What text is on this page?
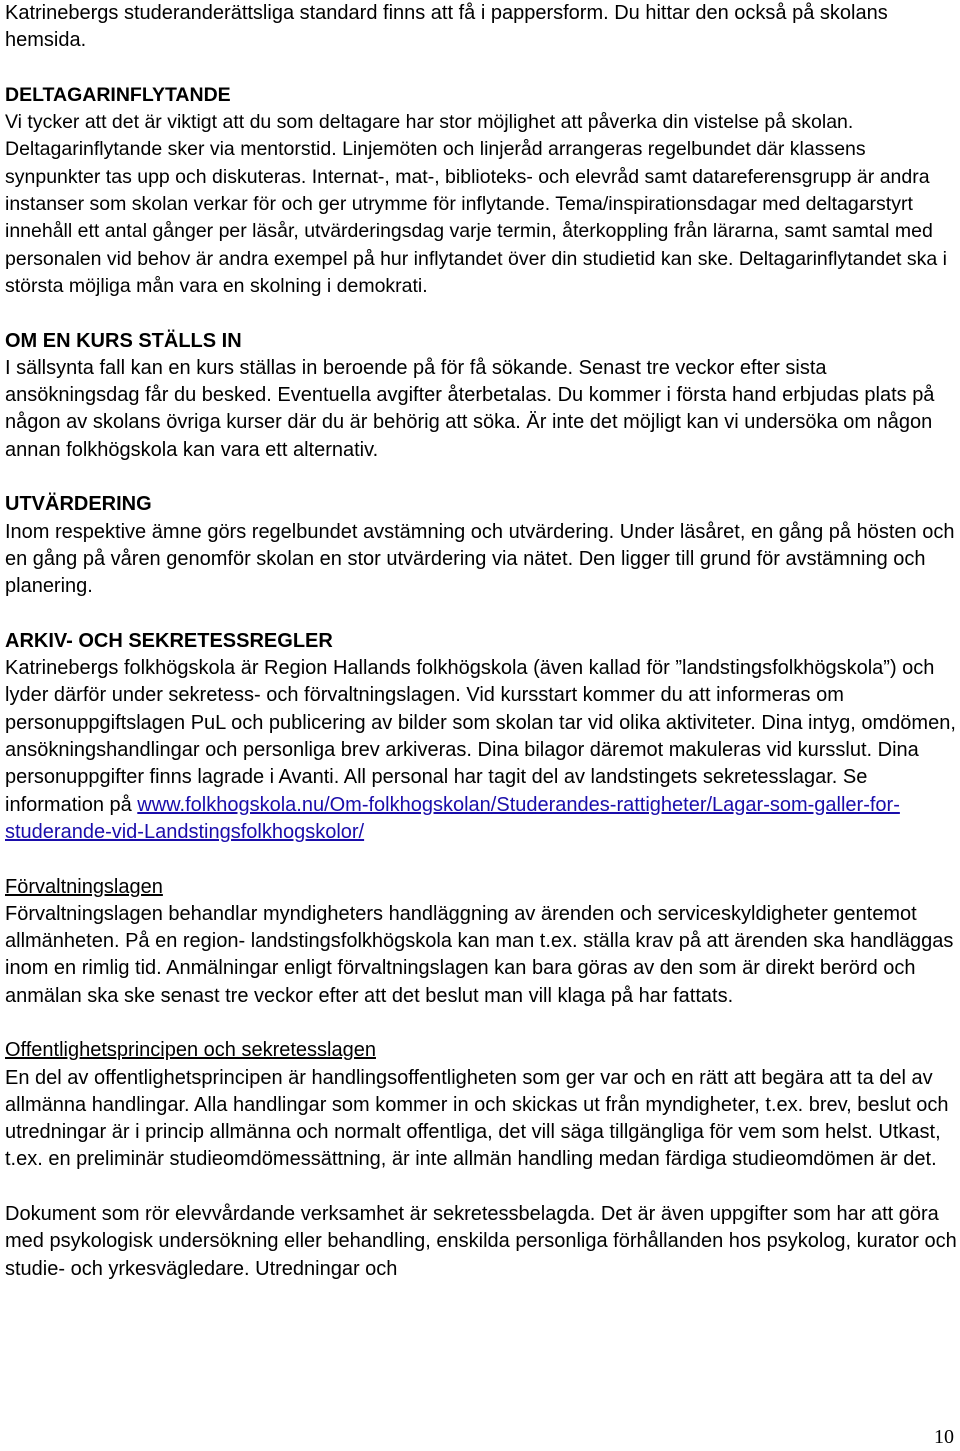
Katrinebergs studeranderättsliga standard finns att få i pappersform. Du hittar den också på skolans hemsida.

DELTAGARINFLYTANDE
Vi tycker att det är viktigt att du som deltagare har stor möjlighet att påverka din vistelse på skolan. Deltagarinflytande sker via mentorstid. Linjemöten och linjeråd arrangeras regelbundet där klassens synpunkter tas upp och diskuteras. Internat-, mat-, biblioteks- och elevråd samt datareferensgrupp är andra instanser som skolan verkar för och ger utrymme för inflytande. Tema/inspirationsdagar med deltagarstyrt innehåll ett antal gånger per läsår, utvärderingsdag varje termin, återkoppling från lärarna, samt samtal med personalen vid behov är andra exempel på hur inflytandet över din studietid kan ske. Deltagarinflytandet ska i största möjliga mån vara en skolning i demokrati.

OM EN KURS STÄLLS IN
I sällsynta fall kan en kurs ställas in beroende på för få sökande. Senast tre veckor efter sista ansökningsdag får du besked. Eventuella avgifter återbetalas. Du kommer i första hand erbjudas plats på någon av skolans övriga kurser där du är behörig att söka. Är inte det möjligt kan vi undersöka om någon annan folkhögskola kan vara ett alternativ.

UTVÄRDERING
Inom respektive ämne görs regelbundet avstämning och utvärdering. Under läsåret, en gång på hösten och en gång på våren genomför skolan en stor utvärdering via nätet. Den ligger till grund för avstämning och planering.

ARKIV- OCH SEKRETESSREGLER
Katrinebergs folkhögskola är Region Hallands folkhögskola (även kallad för ”landstingsfolkhögskola”) och lyder därför under sekretess- och förvaltningslagen. Vid kursstart kommer du att informeras om personuppgiftslagen PuL och publicering av bilder som skolan tar vid olika aktiviteter. Dina intyg, omdömen, ansökningshandlingar och personliga brev arkiveras. Dina bilagor däremot makuleras vid kursslut. Dina personuppgifter finns lagrade i Avanti. All personal har tagit del av landstingets sekretesslagar. Se information på www.folkhogskola.nu/Om-folkhogskolan/Studerandes-rattigheter/Lagar-som-galler-for-studerande-vid-Landstingsfolkhogskolor/

Förvaltningslagen
Förvaltningslagen behandlar myndigheters handläggning av ärenden och serviceskyldigheter gentemot allmänheten. På en region- landstingsfolkhögskola kan man t.ex. ställa krav på att ärenden ska handläggas inom en rimlig tid. Anmälningar enligt förvaltningslagen kan bara göras av den som är direkt berörd och anmälan ska ske senast tre veckor efter att det beslut man vill klaga på har fattats.

Offentlighetsprincipen och sekretesslagen
En del av offentlighetsprincipen är handlingsoffentligheten som ger var och en rätt att begära att ta del av allmänna handlingar. Alla handlingar som kommer in och skickas ut från myndigheter, t.ex. brev, beslut och utredningar är i princip allmänna och normalt offentliga, det vill säga tillgängliga för vem som helst. Utkast, t.ex. en preliminär studieomdömessättning, är inte allmän handling medan färdiga studieomdömen är det.

Dokument som rör elevvårdande verksamhet är sekretessbelagda. Det är även uppgifter som har att göra med psykologisk undersökning eller behandling, enskilda personliga förhållanden hos psykolog, kurator och studie- och yrkesvägledare. Utredningar och

10
